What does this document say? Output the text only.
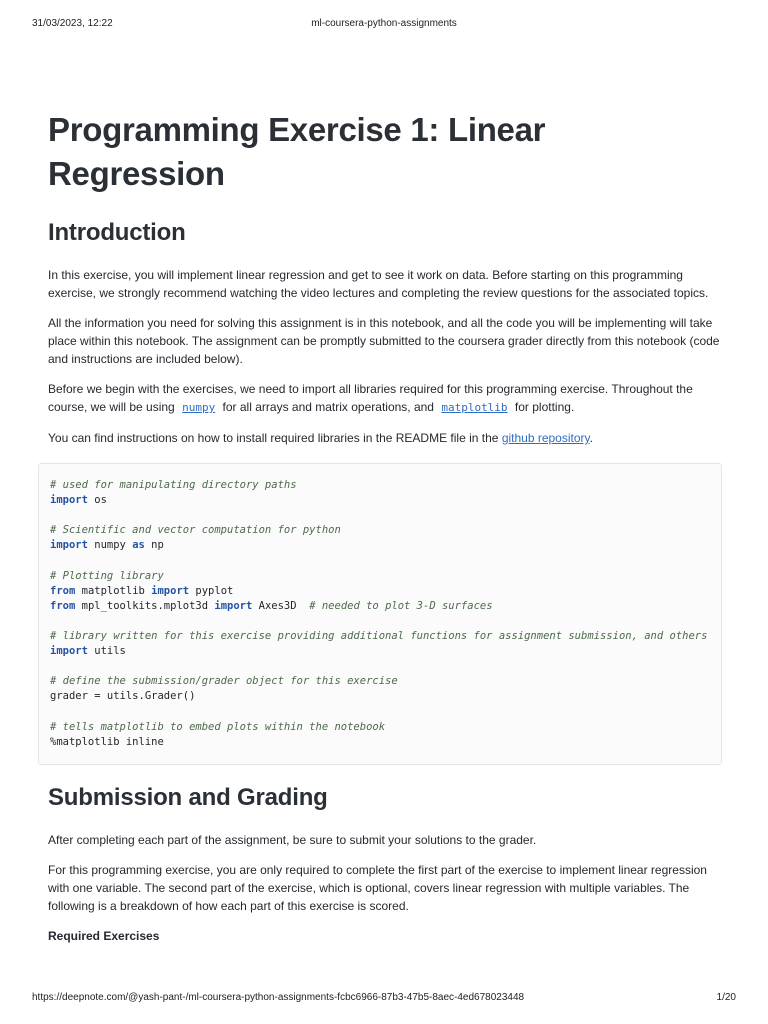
31/03/2023, 12:22	ml-coursera-python-assignments
Programming Exercise 1: Linear Regression
Introduction

In this exercise, you will implement linear regression and get to see it work on data. Before starting on this programming exercise, we strongly recommend watching the video lectures and completing the review questions for the associated topics.

All the information you need for solving this assignment is in this notebook, and all the code you will be implementing will take place within this notebook. The assignment can be promptly submitted to the coursera grader directly from this notebook (code and instructions are included below).

Before we begin with the exercises, we need to import all libraries required for this programming exercise. Throughout the course, we will be using numpy for all arrays and matrix operations, and matplotlib for plotting.

You can find instructions on how to install required libraries in the README file in the github repository.

# used for manipulating directory paths
import os
# Scientific and vector computation for python
import numpy as np
# Plotting library
from matplotlib import pyplot
from mpl_toolkits.mplot3d import Axes3D  # needed to plot 3-D surfaces
# library written for this exercise providing additional functions for assignment submission, and others
import utils
# define the submission/grader object for this exercise
grader = utils.Grader()
# tells matplotlib to embed plots within the notebook
%matplotlib inline
Submission and Grading

After completing each part of the assignment, be sure to submit your solutions to the grader.

For this programming exercise, you are only required to complete the first part of the exercise to implement linear regression with one variable. The second part of the exercise, which is optional, covers linear regression with multiple variables. The following is a breakdown of how each part of this exercise is scored.

Required Exercises
https://deepnote.com/@yash-pant-/ml-coursera-python-assignments-fcbc6966-87b3-47b5-8aec-4ed678023448	1/20
